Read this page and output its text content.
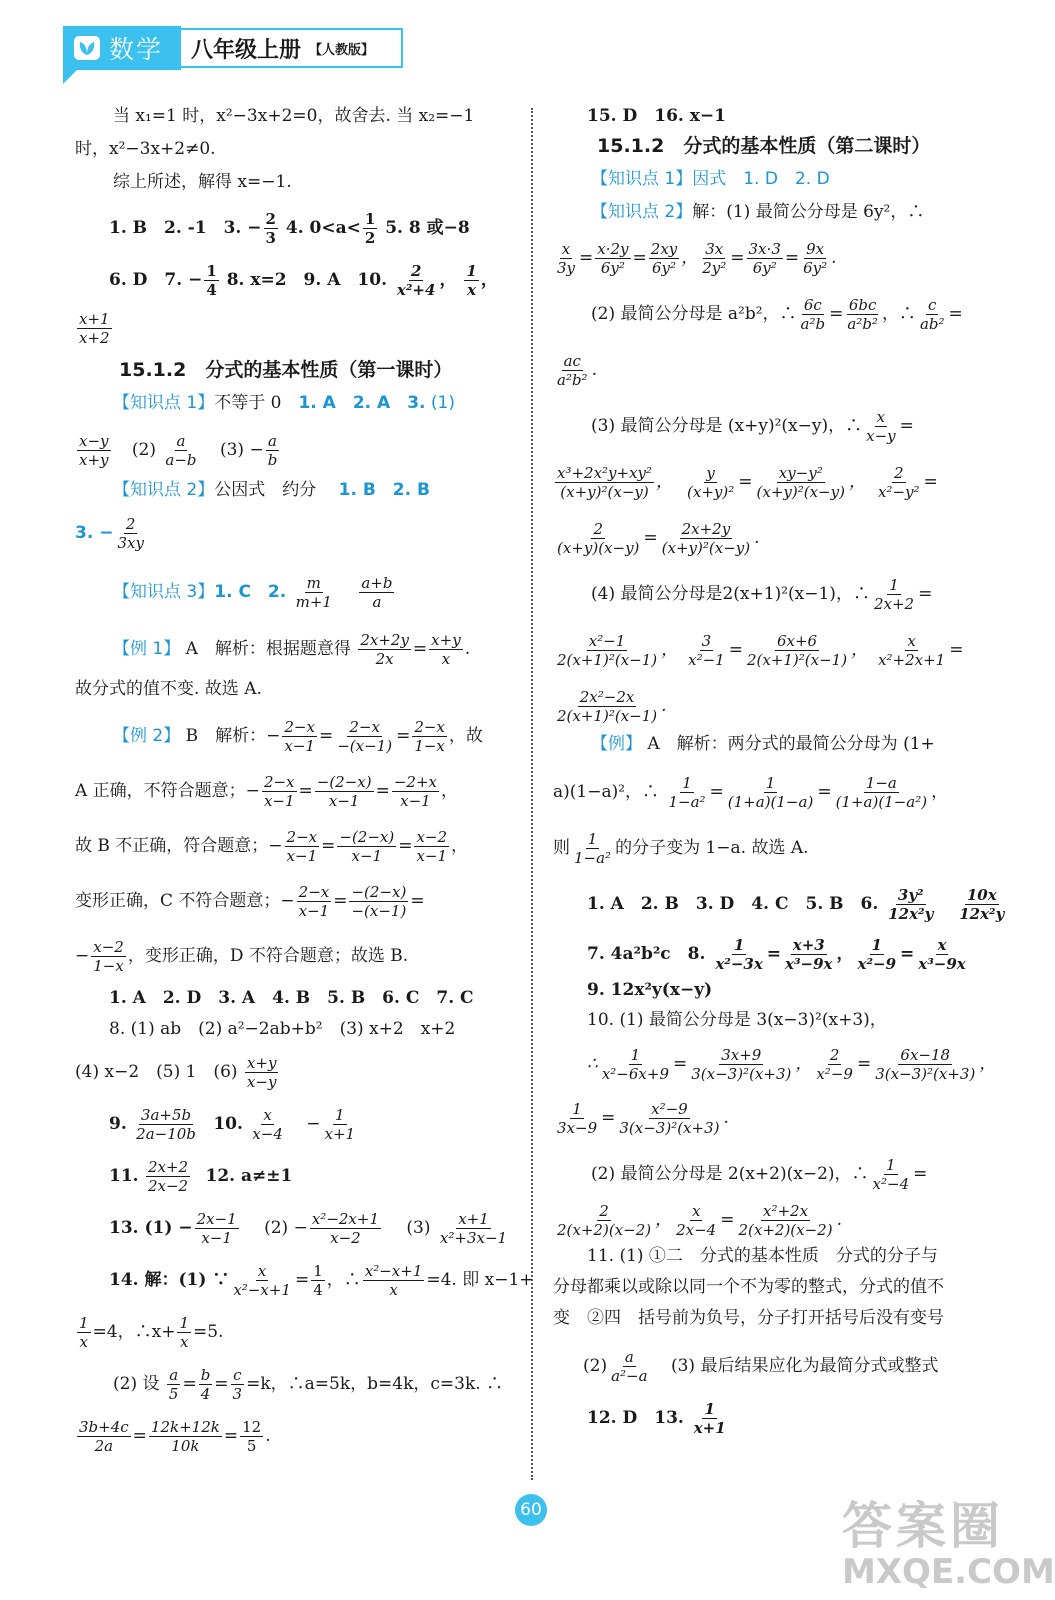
数学 八年级上册 【人教版】
当 x₁=1 时，x²−3x+2=0，故舍去. 当 x₂=−1
时，x²−3x+2≠0.
综上所述，解得 x=−1.
1. B　2. -1　3. − $\frac{2}{3} 4$. $0<a< \frac{1}{2} 5$. 8 或−8
6. D　7. − $\frac{1}{4} 8$. x=2　9. A　10. $\frac{2}{\text{x²+4}}$ ， $\frac{1}{x}$ ，
$\frac{x+1}{x+2}$
15.1.2　分式的基本性质（第一课时）
【知识点 1】不等于 0　1. A　2. A　3. (1)
$\frac{x-y}{x+y} (2) \frac{a}{a-b} (3) - \frac{a}{b}$
【知识点 2】公因式　约分　 1. B　2. B
3. − $\frac{2}{3xy}$
【知识点 3】1. C　2. $\frac{m}{m+1}$
$\frac{a+b}{a}$
【例 1】 A　解析：根据题意得 $\frac{2x+2y}{2x} = \frac{x+y}{x}$ .
故分式的值不变. 故选 A.
【例 2】 B　解析：− $\frac{2-x}{x-1} = \frac{2-x}{-(x-1)} = \frac{2-x}{1-x}$ ，故
A 正确，不符合题意；− $\frac{2-x}{x-1} = \frac{-(2-x)}{x-1} = \frac{-2+x}{x-1}$ ，
故 B 不正确，符合题意；− $\frac{2-x}{x-1} = \frac{-(2-x)}{x-1} = \frac{x-2}{x-1}$ ，
变形正确，C 不符合题意；− $\frac{2-x}{x-1} = \frac{-(2-x)}{-(x-1)}$ =
− $\frac{x-2}{1-x}$ ，变形正确，D 不符合题意；故选 B.
1. A　2. D　3. A　4. B　5. B　6. C　7. C
8. (1) ab　(2) a²−2ab+b²　(3) x+2　x+2
(4) x−2　(5) 1　$(6) \frac{x+y}{x-y}$
9. $\frac{3a+5b}{2a-10b} 10$. $\frac{x}{x-4} - \frac{1}{x+1}$
11. $\frac{2x+2}{2x-2} 12$. a≠±1
13. $(1) - \frac{2x-1}{x-1} (2) - \frac{\text{x²−2x+1}}{x-2} (3) \frac{x+1}{\text{x²+3x−1}}$
14. 解：(1) ∵ $\frac{x}{\text{x²−x+1}} = \frac{1}{4}$ ，∴ $\frac{\text{x²−x+1}}{x} =4$. 即 x−1+
$\frac{1}{x} =4$，∴x+ $\frac{1}{x} =5$.
(2) 设 $\frac{a}{5} = \frac{b}{4} = \frac{c}{3} =k$，∴a=5k，b=4k，c=3k. ∴
$\frac{3b+4c}{2a} = \frac{12k+12k}{10k} = \frac{12}{5}$ .
15. D　16. x−1
15.1.2　分式的基本性质（第二课时）
【知识点 1】因式　1. D　2. D
【知识点 2】解：(1) 最简公分母是 6y²，∴
$\frac{x}{3y} = \frac{x\cdot 2y}{\text{6y²}} = \frac{2xy}{\text{6y²}}$ ， $\frac{3x}{\text{2y²}} = \frac{3x\cdot 3}{\text{6y²}} = \frac{9x}{\text{6y²}}$ .
(2) 最简公分母是 a²b²，∴ $\frac{6c}{\text{a²b}} = \frac{6bc}{\text{a²b²}}$ ，∴ $\frac{c}{\text{ab²}}$ =
$\frac{ac}{\text{a²b²}}$ .
(3) 最简公分母是 (x+y)²(x−y)，∴ $\frac{x}{x-y}$ =
$\frac{\text{x³+2x²y+xy²}}{\text{(x+y)²(x−y)}}$ ， $\frac{y}{\text{(x+y)²}} = \frac{\text{xy−y²}}{\text{(x+y)²(x−y)}}$ ， $\frac{2}{\text{x²−y²}}$ =
$\frac{2}{(x+y)(x-y)} = \frac{2x+2y}{\text{(x+y)²(x−y)}}$ .
(4) 最简公分母是2(x+1)²(x−1)，∴ $\frac{1}{2x+2}$ =
$\frac{\text{x²−1}}{\text{2(x+1)²(x−1)}}$ ， $\frac{3}{\text{x²−1}} = \frac{6x+6}{\text{2(x+1)²(x−1)}}$ ， $\frac{x}{\text{x²+2x+1}}$ =
$\frac{\text{2x²−2x}}{\text{2(x+1)²(x−1)}}$ .
【例】 A　解析：两分式的最简公分母为 (1+
a)(1−a)²，∴ $\frac{1}{\text{1−a²}} = \frac{1}{(1+a)(1-a)} = \frac{1-a}{\text{(1+a)(1−a²)}}$ ，
则 $\frac{1}{\text{1−a²}}$ 的分子变为 1−a. 故选 A.
1. A　2. B　3. D　4. C　5. B　6. $\frac{\text{3y²}}{\text{12x²y}}$
$\frac{10x}{\text{12x²y}}$
7. 4a²b²c　8. $\frac{1}{\text{x²−3x}} = \frac{x+3}{\text{x³−9x}}$ ， $\frac{1}{\text{x²−9}} = \frac{x}{\text{x³−9x}}$
9. 12x²y(x−y)
10. (1) 最简公分母是 3(x−3)²(x+3)，
∴ $\frac{1}{\text{x²−6x+9}} = \frac{3x+9}{\text{3(x−3)²(x+3)}}$ ， $\frac{2}{\text{x²−9}} = \frac{6x-18}{\text{3(x−3)²(x+3)}}$ ，
$\frac{1}{3x-9} = \frac{\text{x²−9}}{\text{3(x−3)²(x+3)}}$ .
(2) 最简公分母是 2(x+2)(x−2)，∴ $\frac{1}{\text{x²−4}}$ =
$\frac{2}{2(x+2)(x-2)}$ ， $\frac{x}{2x-4} = \frac{\text{x²+2x}}{2(x+2)(x-2)}$ .
11. (1) ①二　分式的基本性质　分式的分子与
分母都乘以或除以同一个不为零的整式，分式的值不
变　②四　括号前为负号，分子打开括号后没有变号
$(2) \frac{a}{\text{a²−a}} (3)$ 最后结果应化为最简分式或整式
12. D　13. $\frac{1}{x+1}$
60	答案圈
MXQE.COM
